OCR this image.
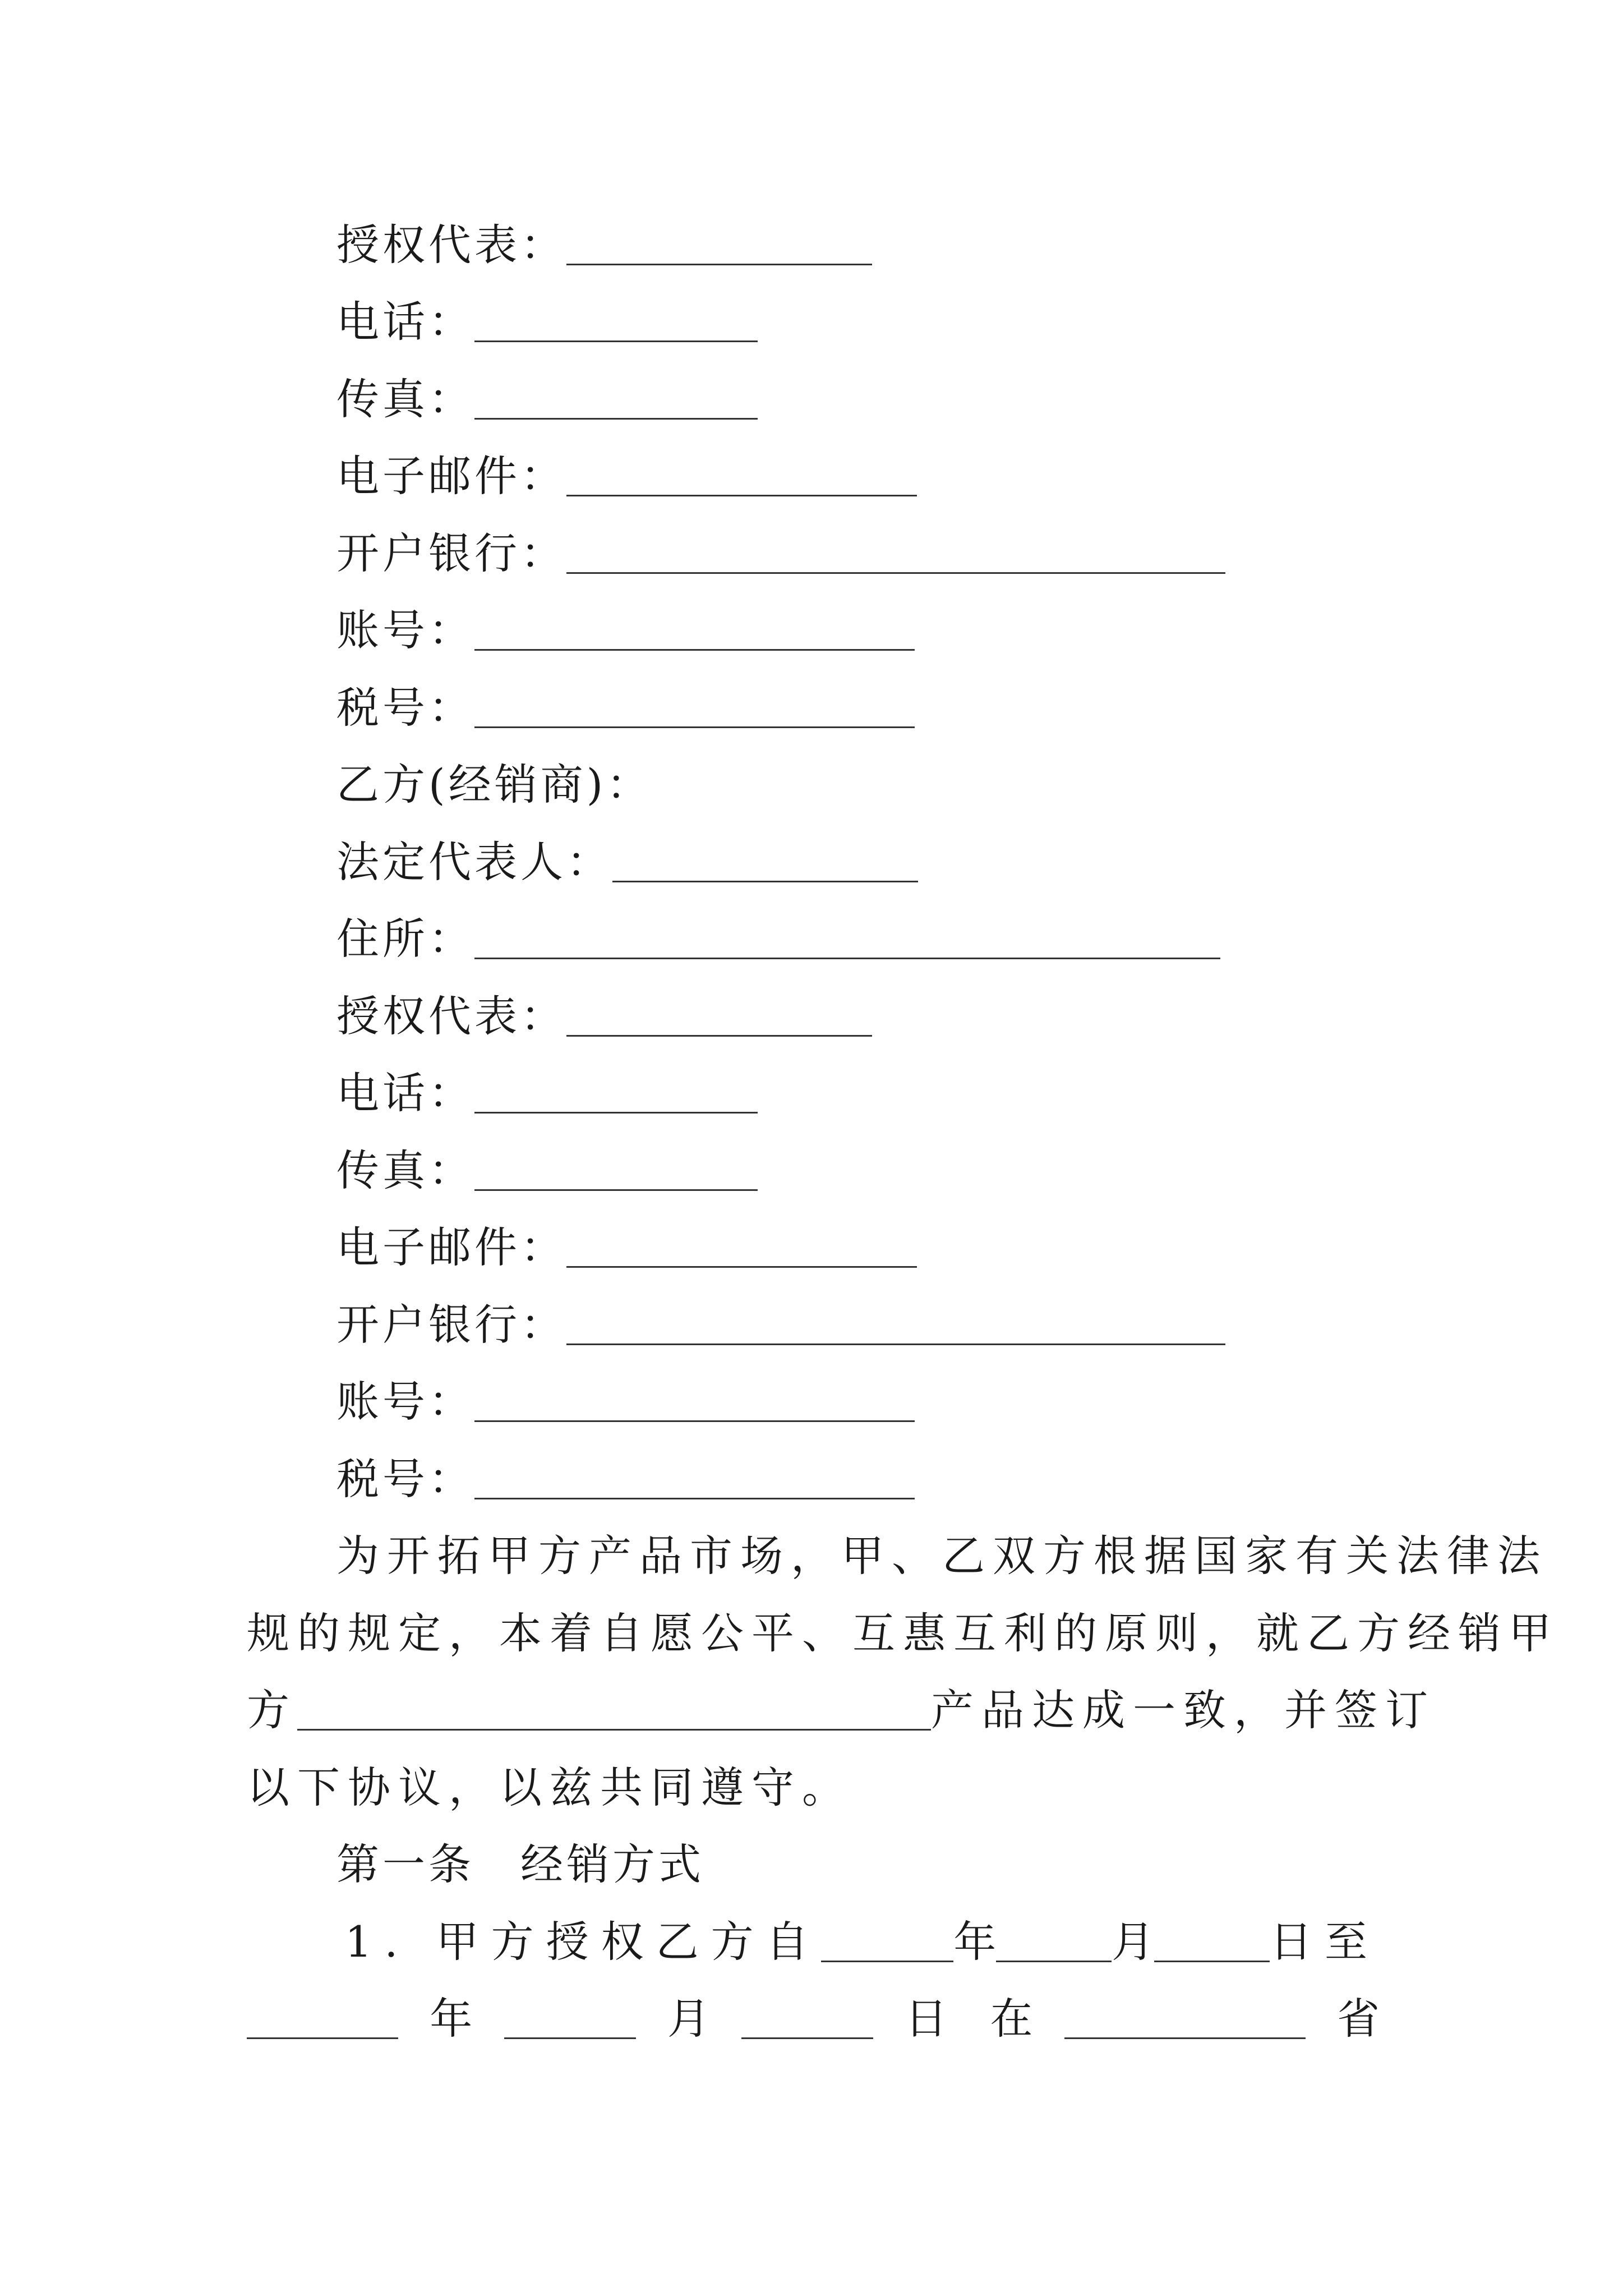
授权代表：
电话：
传真：
电子邮件：
开户银行：
账号：
税号：
乙方(经销商)：
法定代表人：
住所：
授权代表：
电话：
传真：
电子邮件：
开户银行：
账号：
税号：
为开拓甲方产品市场，甲、乙双方根据国家有关法律法
规的规定，本着自愿公平、互惠互利的原则，就乙方经销甲
方	产品达成一致，并签订
以下协议，以兹共同遵守。
第一条　经销方式
1. 甲方授权乙方自	年	月	日至
年	月	日　在	省
